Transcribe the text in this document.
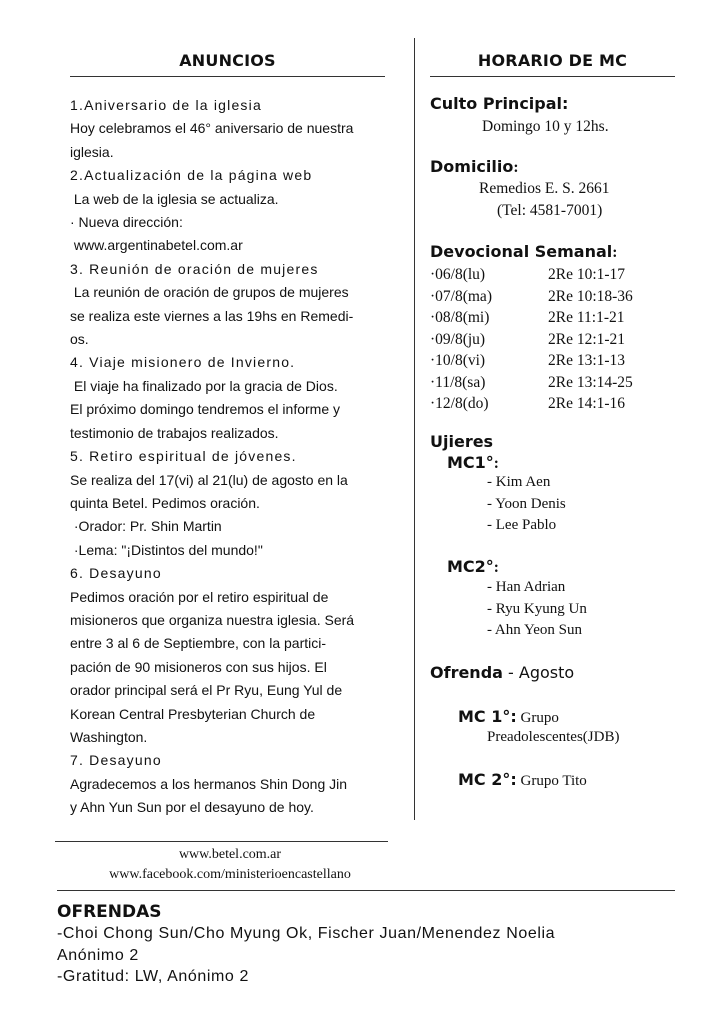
ANUNCIOS
1.Aniversario de la iglesia
Hoy celebramos el 46° aniversario de nuestra
iglesia.
2.Actualización de la página web
La web de la iglesia se actualiza.
· Nueva dirección:
www.argentinabetel.com.ar
3. Reunión de oración de mujeres
La reunión de oración de grupos de mujeres
se realiza este viernes a las 19hs en Remedi-
os.
4. Viaje misionero de Invierno.
El viaje ha finalizado por la gracia de Dios.
El próximo domingo tendremos el informe y
testimonio de trabajos realizados.
5. Retiro espiritual de jóvenes.
Se realiza del 17(vi) al 21(lu) de agosto en la
quinta Betel. Pedimos oración.
·Orador: Pr. Shin Martin
·Lema: "¡Distintos del mundo!"
6. Desayuno
Pedimos oración por el retiro espiritual de
misioneros que organiza nuestra iglesia. Será
entre 3 al 6 de Septiembre, con la partici-
pación de 90 misioneros con sus hijos. El
orador principal será el Pr Ryu, Eung Yul de
Korean Central Presbyterian Church de
Washington.
7. Desayuno
Agradecemos a los hermanos Shin Dong Jin
y Ahn Yun Sun por el desayuno de hoy.
www.betel.com.ar
www.facebook.com/ministerioencastellano
HORARIO DE MC
Culto Principal:
Domingo 10 y 12hs.
Domicilio:
Remedios E. S. 2661
(Tel: 4581-7001)
Devocional Semanal:
·06/8(lu)	2Re 10:1-17
·07/8(ma)	2Re 10:18-36
·08/8(mi)	2Re 11:1-21
·09/8(ju)	2Re 12:1-21
·10/8(vi)	2Re 13:1-13
·11/8(sa)	2Re 13:14-25
·12/8(do)	2Re 14:1-16
Ujieres
MC1°:
- Kim Aen
- Yoon Denis
- Lee Pablo
MC2°:
- Han Adrian
- Ryu Kyung Un
- Ahn Yeon Sun
Ofrenda - Agosto
MC 1°: Grupo
Preadolescentes(JDB)
MC 2°: Grupo Tito
OFRENDAS
-Choi Chong Sun/Cho Myung Ok, Fischer Juan/Menendez Noelia
Anónimo 2
-Gratitud: LW, Anónimo 2
